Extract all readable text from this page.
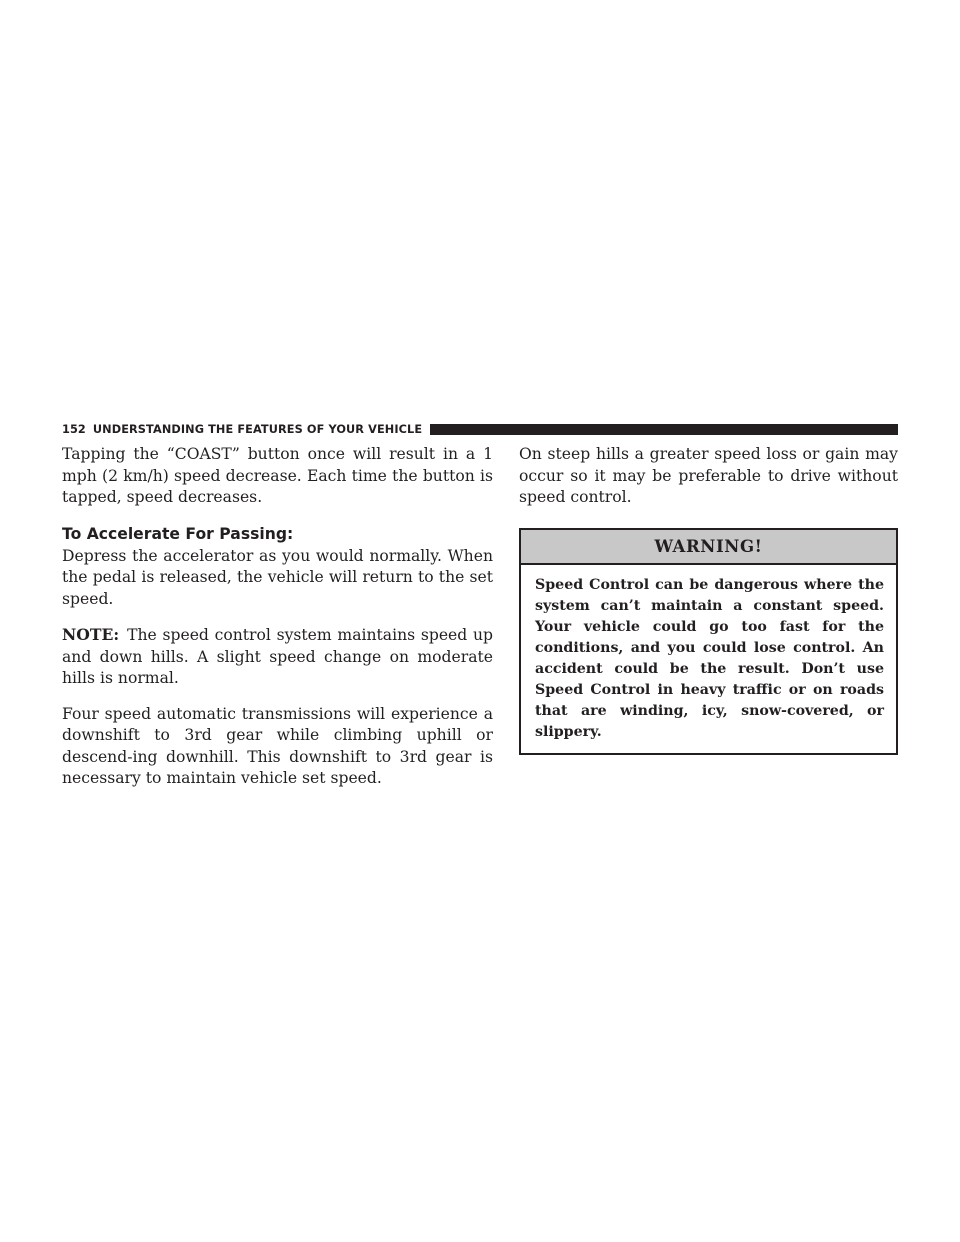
152 UNDERSTANDING THE FEATURES OF YOUR VEHICLE

Tapping the “COAST” button once will result in a 1 mph (2 km/h) speed decrease. Each time the button is tapped, speed decreases.

To Accelerate For Passing:

Depress the accelerator as you would normally. When the pedal is released, the vehicle will return to the set speed.

NOTE: The speed control system maintains speed up and down hills. A slight speed change on moderate hills is normal.

Four speed automatic transmissions will experience a downshift to 3rd gear while climbing uphill or descend-ing downhill. This downshift to 3rd gear is necessary to maintain vehicle set speed.

On steep hills a greater speed loss or gain may occur so it may be preferable to drive without speed control.

WARNING!
Speed Control can be dangerous where the system can’t maintain a constant speed. Your vehicle could go too fast for the conditions, and you could lose control. An accident could be the result. Don’t use Speed Control in heavy traffic or on roads that are winding, icy, snow-covered, or slippery.
